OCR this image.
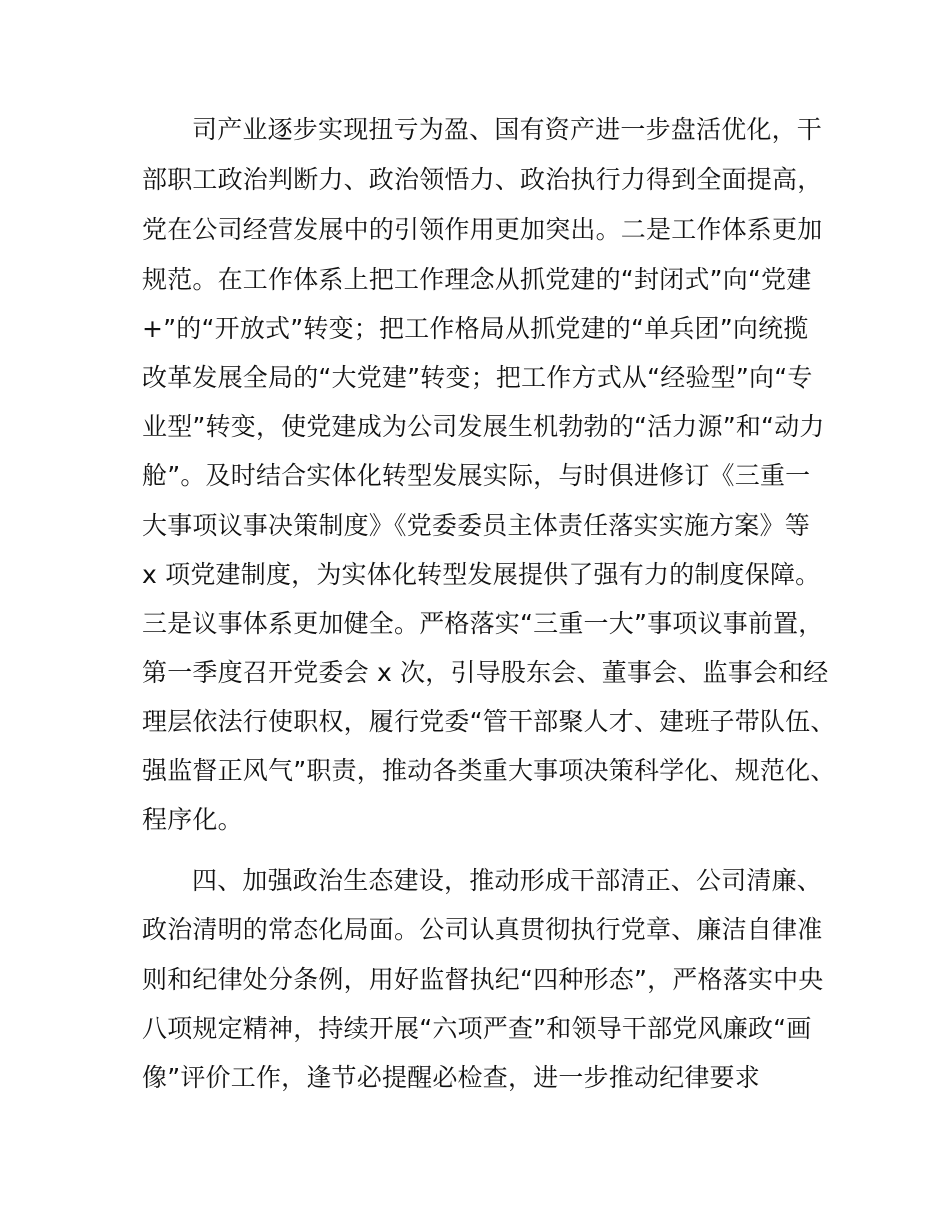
司产业逐步实现扭亏为盈、国有资产进一步盘活优化，干
部职工政治判断力、政治领悟力、政治执行力得到全面提高，
党在公司经营发展中的引领作用更加突出。二是工作体系更加
规范。在工作体系上把工作理念从抓党建的“封闭式”向“党建
+”的“开放式”转变；把工作格局从抓党建的“单兵团”向统揽
改革发展全局的“大党建”转变；把工作方式从“经验型”向“专
业型”转变，使党建成为公司发展生机勃勃的“活力源”和“动力
舱”。及时结合实体化转型发展实际，与时俱进修订《三重一
大事项议事决策制度》《党委委员主体责任落实实施方案》等
x 项党建制度，为实体化转型发展提供了强有力的制度保障。
三是议事体系更加健全。严格落实“三重一大”事项议事前置，
第一季度召开党委会 x 次，引导股东会、董事会、监事会和经
理层依法行使职权，履行党委“管干部聚人才、建班子带队伍、
强监督正风气”职责，推动各类重大事项决策科学化、规范化、
程序化。
四、加强政治生态建设，推动形成干部清正、公司清廉、
政治清明的常态化局面。公司认真贯彻执行党章、廉洁自律准
则和纪律处分条例，用好监督执纪“四种形态”，严格落实中央
八项规定精神，持续开展“六项严查”和领导干部党风廉政“画
像”评价工作，逢节必提醒必检查，进一步推动纪律要求
